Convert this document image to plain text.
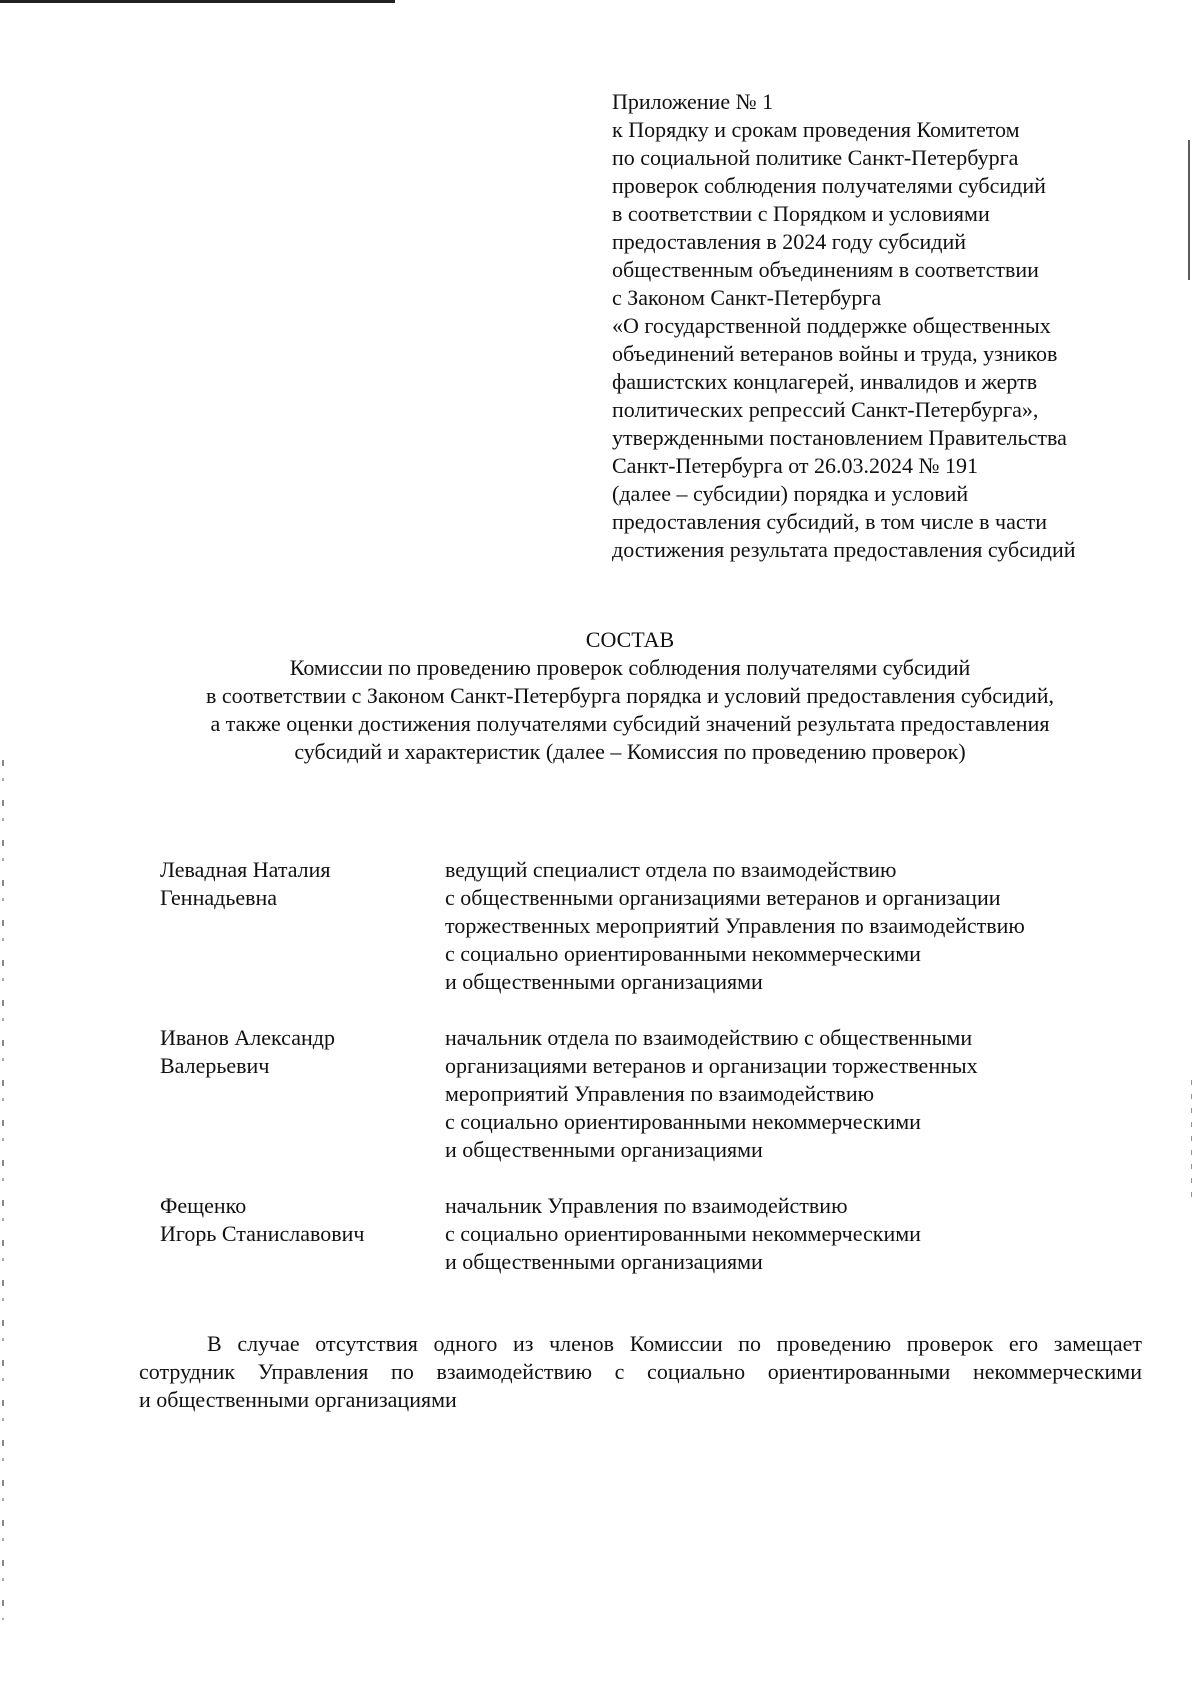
Приложение № 1
к Порядку и срокам проведения Комитетом
по социальной политике Санкт-Петербурга
проверок соблюдения получателями субсидий
в соответствии с Порядком и условиями
предоставления в 2024 году субсидий
общественным объединениям в соответствии
с Законом Санкт-Петербурга
«О государственной поддержке общественных
объединений ветеранов войны и труда, узников
фашистских концлагерей, инвалидов и жертв
политических репрессий Санкт-Петербурга»,
утвержденными постановлением Правительства
Санкт-Петербурга от 26.03.2024 № 191
(далее – субсидии) порядка и условий
предоставления субсидий, в том числе в части
достижения результата предоставления субсидий
СОСТАВ
Комиссии по проведению проверок соблюдения получателями субсидий
в соответствии с Законом Санкт-Петербурга порядка и условий предоставления субсидий,
а также оценки достижения получателями субсидий значений результата предоставления
субсидий и характеристик (далее – Комиссия по проведению проверок)
Левадная Наталия
Геннадьевна
ведущий специалист отдела по взаимодействию
с общественными организациями ветеранов и организации
торжественных мероприятий Управления по взаимодействию
с социально ориентированными некоммерческими
и общественными организациями
Иванов Александр
Валерьевич
начальник отдела по взаимодействию с общественными
организациями ветеранов и организации торжественных
мероприятий Управления по взаимодействию
с социально ориентированными некоммерческими
и общественными организациями
Фещенко
Игорь Станиславович
начальник Управления по взаимодействию
с социально ориентированными некоммерческими
и общественными организациями
В случае отсутствия одного из членов Комиссии по проведению проверок его замещает
сотрудник Управления по взаимодействию с социально ориентированными некоммерческими
и общественными организациями
